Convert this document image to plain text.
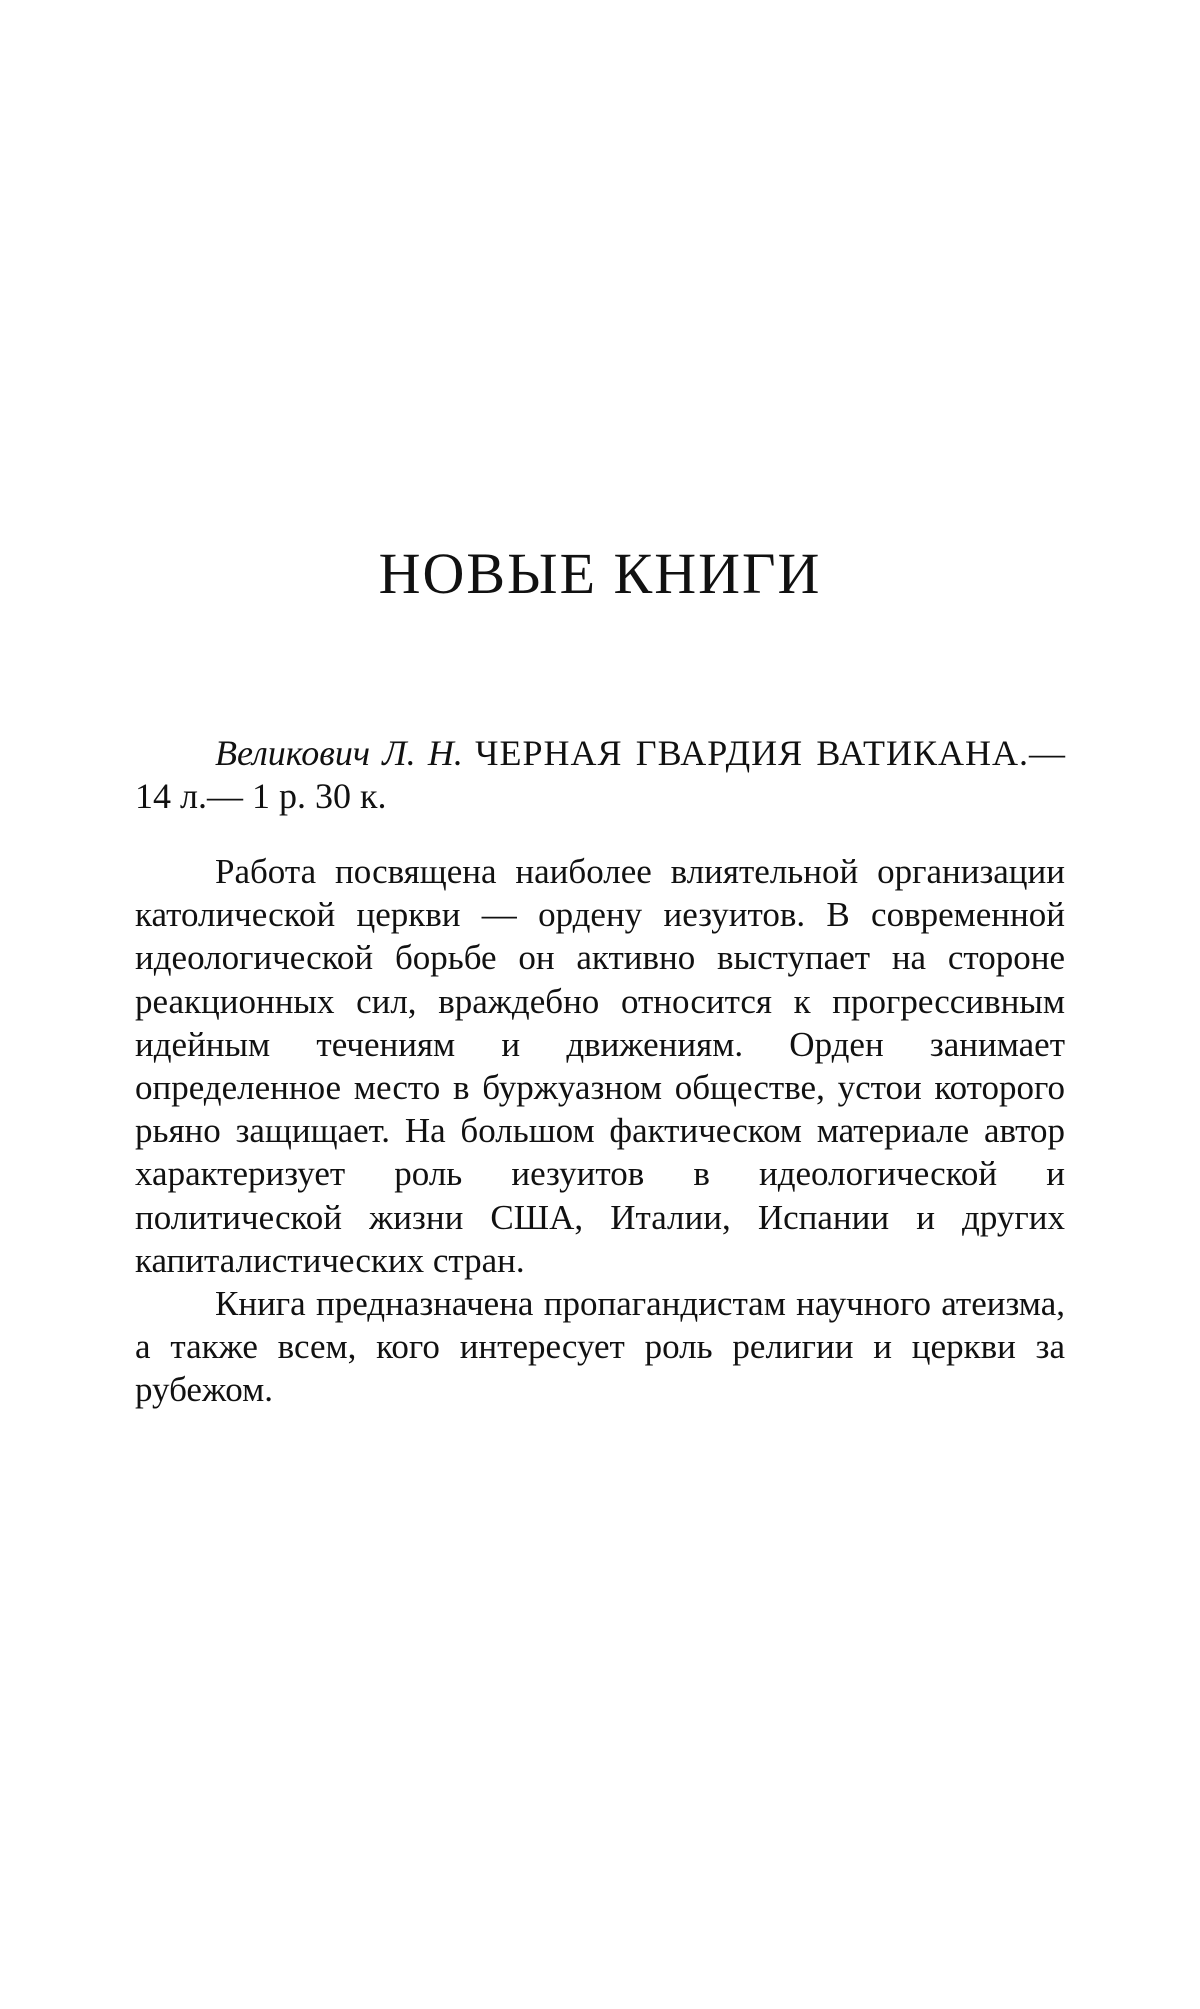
НОВЫЕ КНИГИ

Великович Л. Н. ЧЕРНАЯ ГВАРДИЯ ВАТИКАНА.— 14 л.— 1 р. 30 к.

Работа посвящена наиболее влиятельной организации католической церкви — ордену иезуитов. В современной идеологической борьбе он активно выступает на стороне реакционных сил, враждебно относится к прогрессивным идейным течениям и движениям. Орден занимает определенное место в буржуазном обществе, устои которого рьяно защищает. На большом фактическом материале автор характеризует роль иезуитов в идеологической и политической жизни США, Италии, Испании и других капиталистических стран.

Книга предназначена пропагандистам научного атеизма, а также всем, кого интересует роль религии и церкви за рубежом.
